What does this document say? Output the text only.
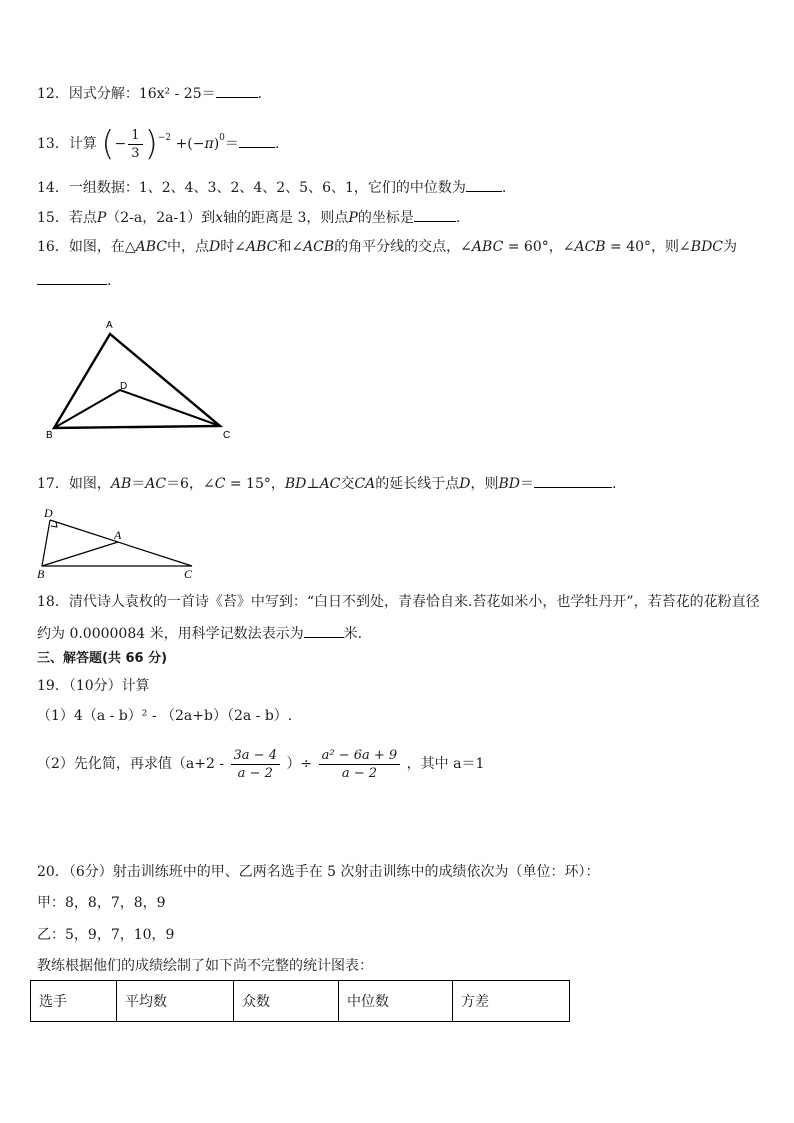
12．因式分解：16x² - 25＝	.
13．计算 (− $\frac{1}{3} )^{-2} +(-\pi)^0=$	.
14．一组数据：1、2、4、3、2、4、2、5、6、1，它们的中位数为	.
15．若点P（2-a，2a-1）到x轴的距离是 3，则点P的坐标是	.
16．如图，在△ABC中，点D时∠ABC和∠ACB的角平分线的交点，∠ABC = 60°，∠ACB = 40°，则∠BDC为
.
A
B	C
D
17．如图，AB＝AC＝6，∠C = 15°，BD⊥AC交CA的延长线于点D，则BD＝	.
D
A
B	C
18．清代诗人袁枚的一首诗《苔》中写到：“白日不到处，青春恰自来.苔花如米小，也学牡丹开”，若苔花的花粉直径
约为 0.0000084 米，用科学记数法表示为	米.
三、解答题(共 66 分)
19．（10分）计算
（1）4（a - b）² - （2a+b）（2a - b）.
（2）先化简，再求值（$a+2 - \frac{3a - 4}{a - 2}$ ）÷ $\frac{\text{a² − 6a + 9}}{a - 2}$ ，其中 a＝1
20．（6分）射击训练班中的甲、乙两名选手在 5 次射击训练中的成绩依次为（单位：环）：
甲：8，8，7，8，9
乙：5，9，7，10，9
教练根据他们的成绩绘制了如下尚不完整的统计图表：
选手	平均数	众数	中位数	方差
